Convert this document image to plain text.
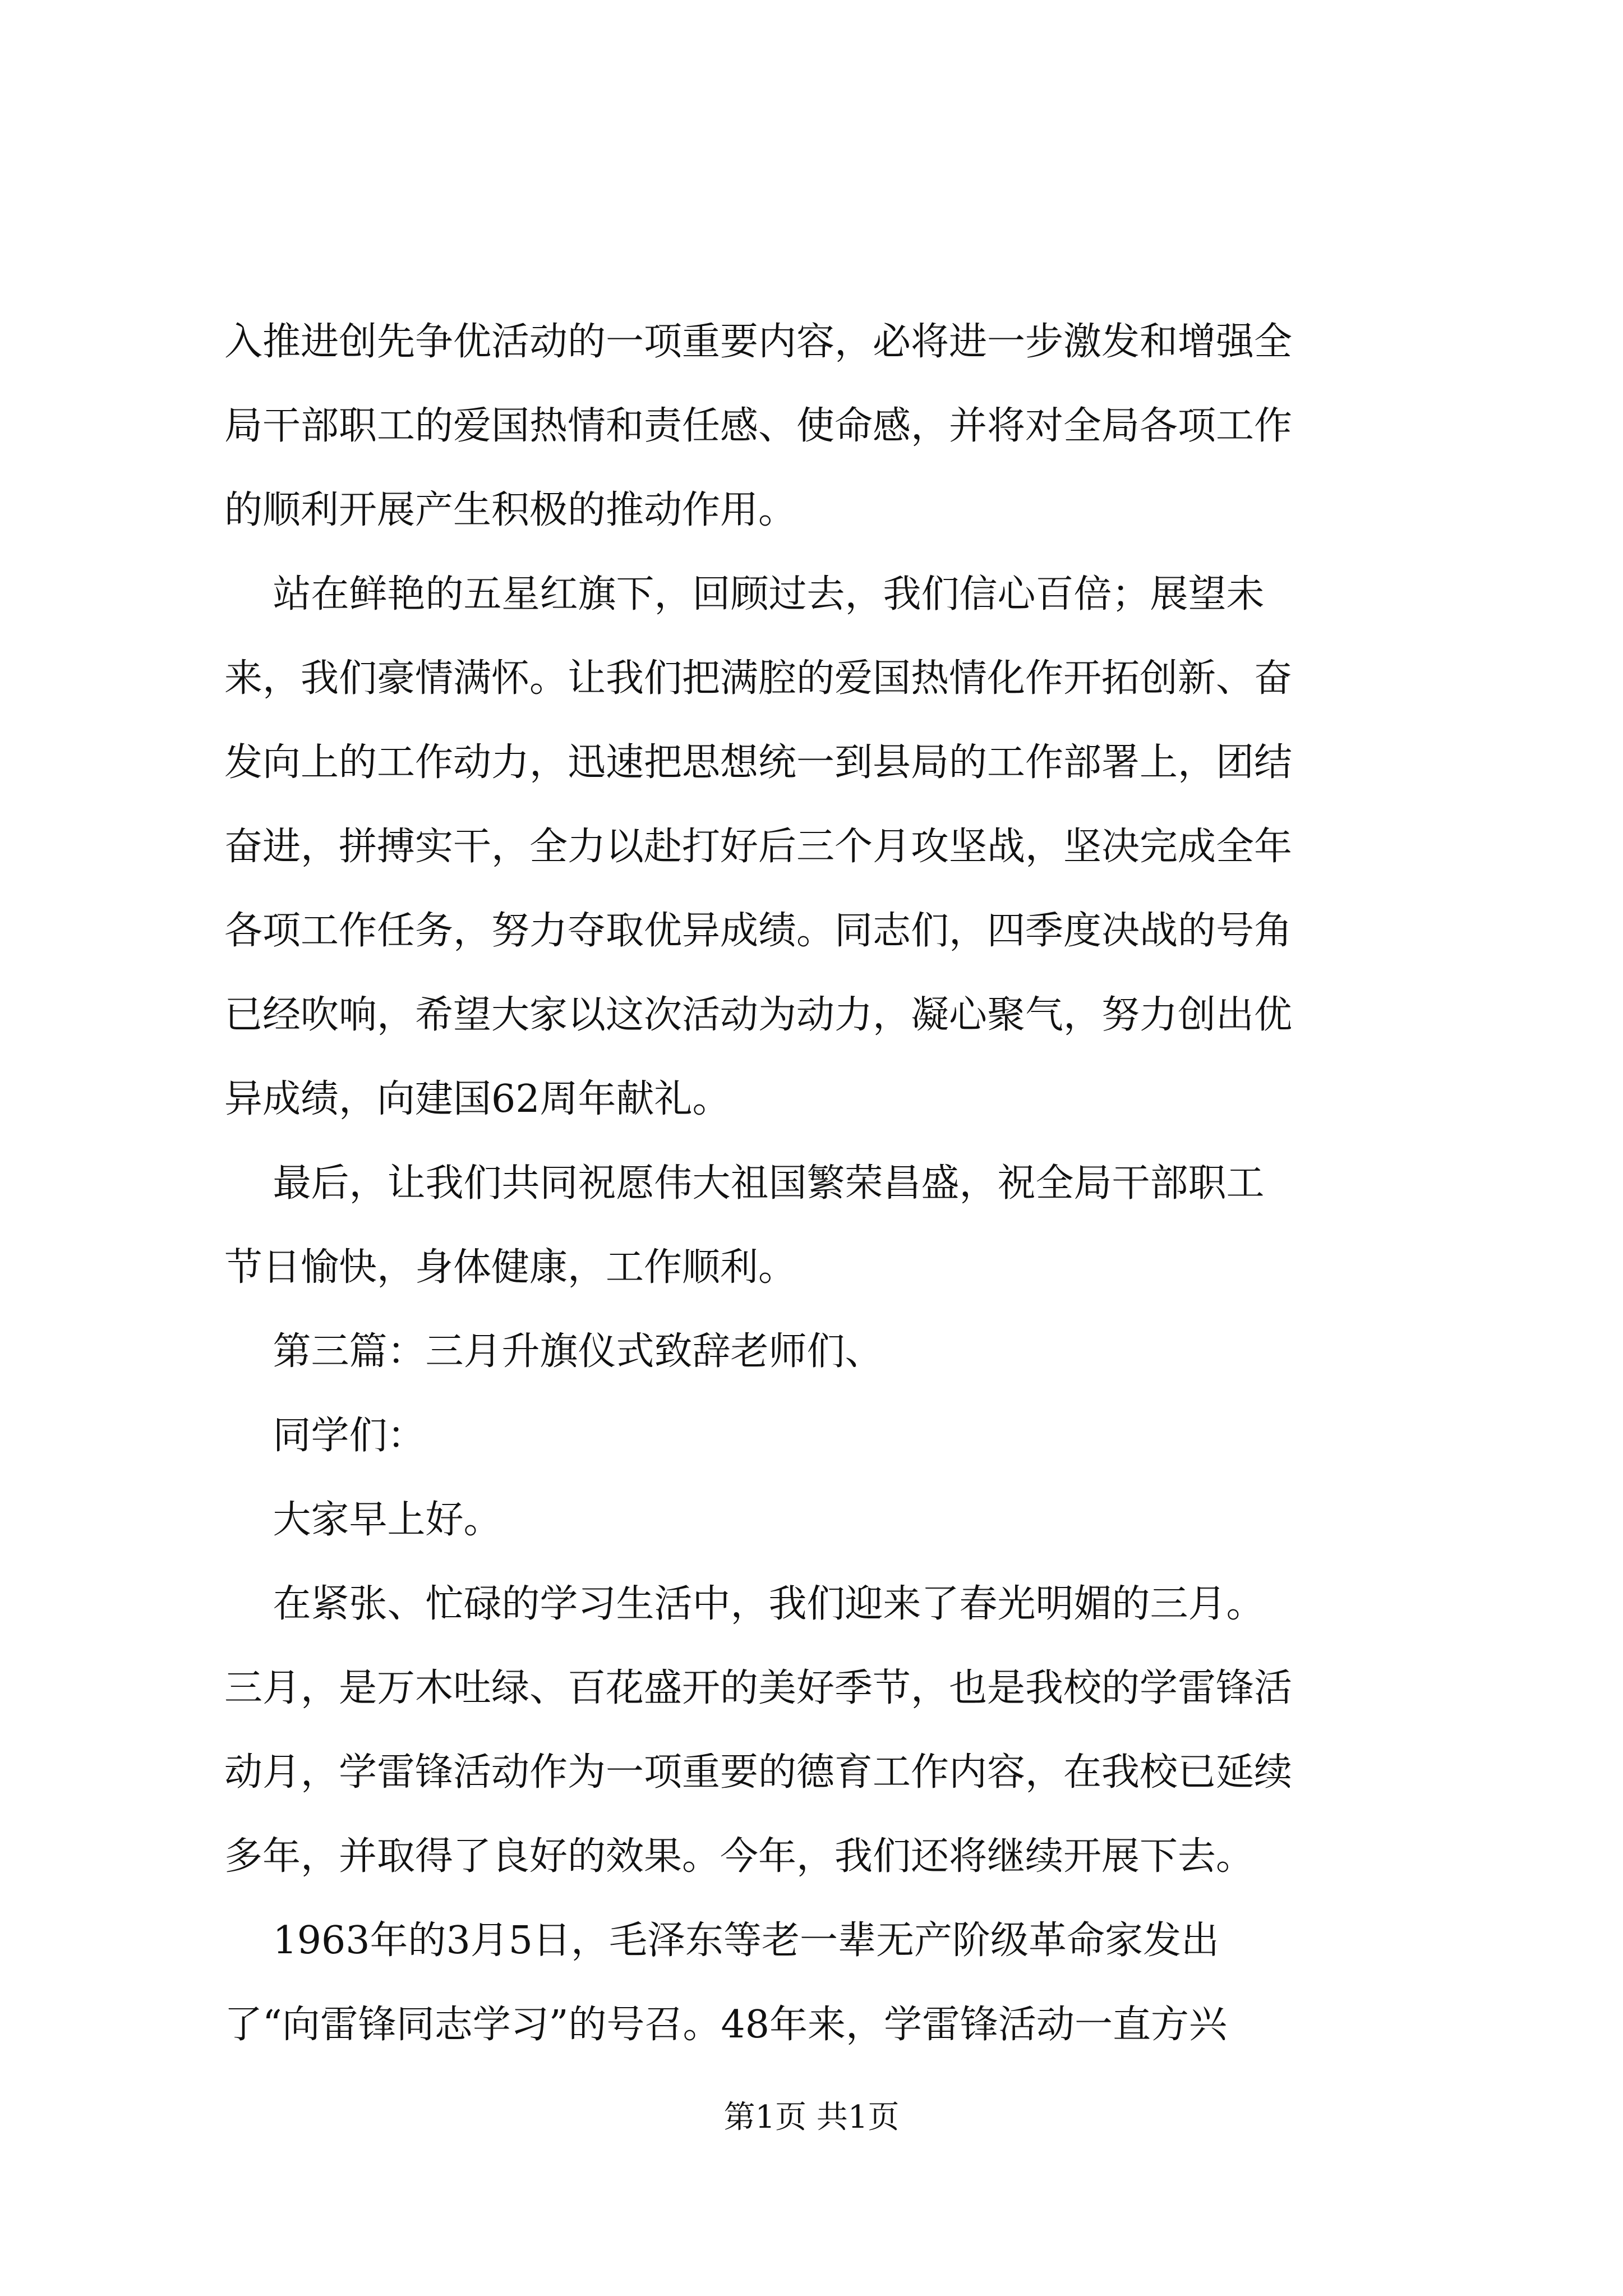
入推进创先争优活动的一项重要内容，必将进一步激发和增强全
局干部职工的爱国热情和责任感、使命感，并将对全局各项工作
的顺利开展产生积极的推动作用。
站在鲜艳的五星红旗下，回顾过去，我们信心百倍；展望未
来，我们豪情满怀。让我们把满腔的爱国热情化作开拓创新、奋
发向上的工作动力，迅速把思想统一到县局的工作部署上，团结
奋进，拼搏实干，全力以赴打好后三个月攻坚战，坚决完成全年
各项工作任务，努力夺取优异成绩。同志们，四季度决战的号角
已经吹响，希望大家以这次活动为动力，凝心聚气，努力创出优
异成绩，向建国62周年献礼。
最后，让我们共同祝愿伟大祖国繁荣昌盛，祝全局干部职工
节日愉快，身体健康，工作顺利。
第三篇：三月升旗仪式致辞老师们、
同学们：
大家早上好。
在紧张、忙碌的学习生活中，我们迎来了春光明媚的三月。
三月，是万木吐绿、百花盛开的美好季节，也是我校的学雷锋活
动月，学雷锋活动作为一项重要的德育工作内容，在我校已延续
多年，并取得了良好的效果。今年，我们还将继续开展下去。
1963年的3月5日，毛泽东等老一辈无产阶级革命家发出
了“向雷锋同志学习”的号召。48年来，学雷锋活动一直方兴
第1页 共1页
